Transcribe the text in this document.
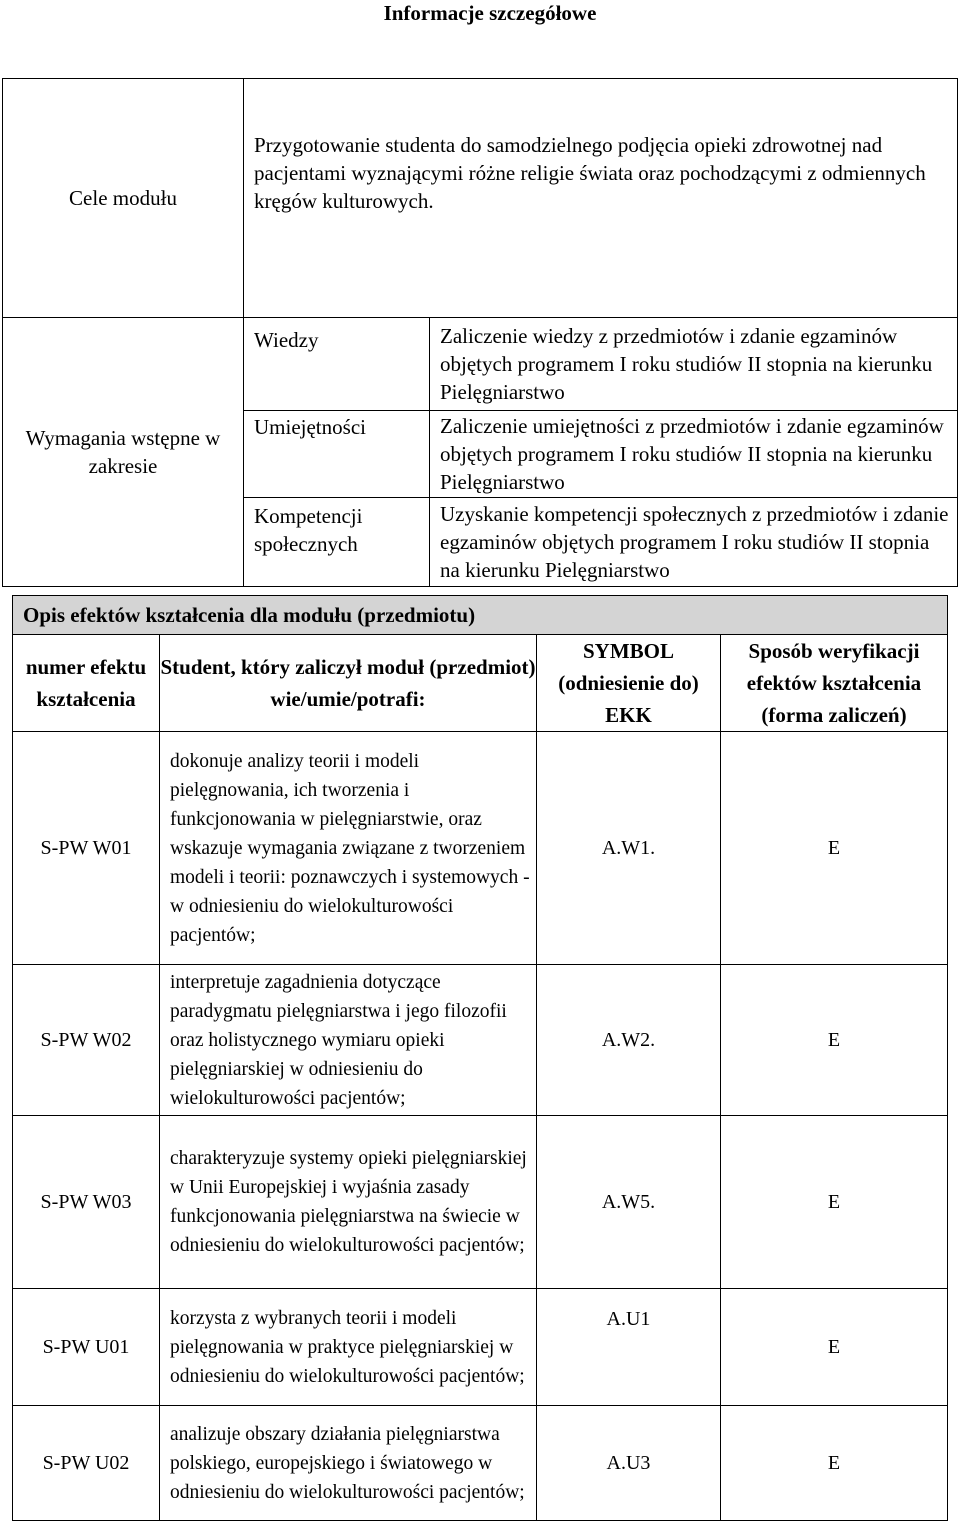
Informacje szczegółowe
Cele modułu	Przygotowanie studenta do samodzielnego podjęcia opieki zdrowotnej nad pacjentami wyznającymi różne religie świata oraz pochodzącymi z odmiennych kręgów kulturowych.	
Wymagania wstępne w zakresie	Wiedzy	Zaliczenie wiedzy z przedmiotów i zdanie egzaminów objętych programem I roku studiów II stopnia na kierunku Pielęgniarstwo
	Umiejętności	Zaliczenie umiejętności z przedmiotów i zdanie egzaminów objętych programem I roku studiów II stopnia na kierunku Pielęgniarstwo
	Kompetencji społecznych	Uzyskanie kompetencji społecznych z przedmiotów i zdanie egzaminów objętych programem I roku studiów II stopnia na kierunku Pielęgniarstwo
Opis efektów kształcenia dla modułu (przedmiotu)			
numer efektu kształcenia	Student, który zaliczył moduł (przedmiot) wie/umie/potrafi:	SYMBOL (odniesienie do) EKK	Sposób weryfikacji efektów kształcenia (forma zaliczeń)
S-PW W01	dokonuje analizy teorii i modeli pielęgnowania, ich tworzenia i funkcjonowania w pielęgniarstwie, oraz wskazuje wymagania związane z tworzeniem modeli i teorii: poznawczych i systemowych - w odniesieniu do wielokulturowości pacjentów;	A.W1.	E
S-PW W02	interpretuje zagadnienia dotyczące paradygmatu pielęgniarstwa i jego filozofii oraz holistycznego wymiaru opieki pielęgniarskiej w odniesieniu do wielokulturowości pacjentów;	A.W2.	E
S-PW W03	charakteryzuje systemy opieki pielęgniarskiej w Unii Europejskiej i wyjaśnia zasady funkcjonowania pielęgniarstwa na świecie w odniesieniu do wielokulturowości pacjentów;	A.W5.	E
S-PW U01	korzysta z wybranych teorii i modeli pielęgnowania w praktyce pielęgniarskiej w odniesieniu do wielokulturowości pacjentów;	A.U1	E
S-PW U02	analizuje obszary działania pielęgniarstwa polskiego, europejskiego i światowego w odniesieniu do wielokulturowości pacjentów;	A.U3	E
